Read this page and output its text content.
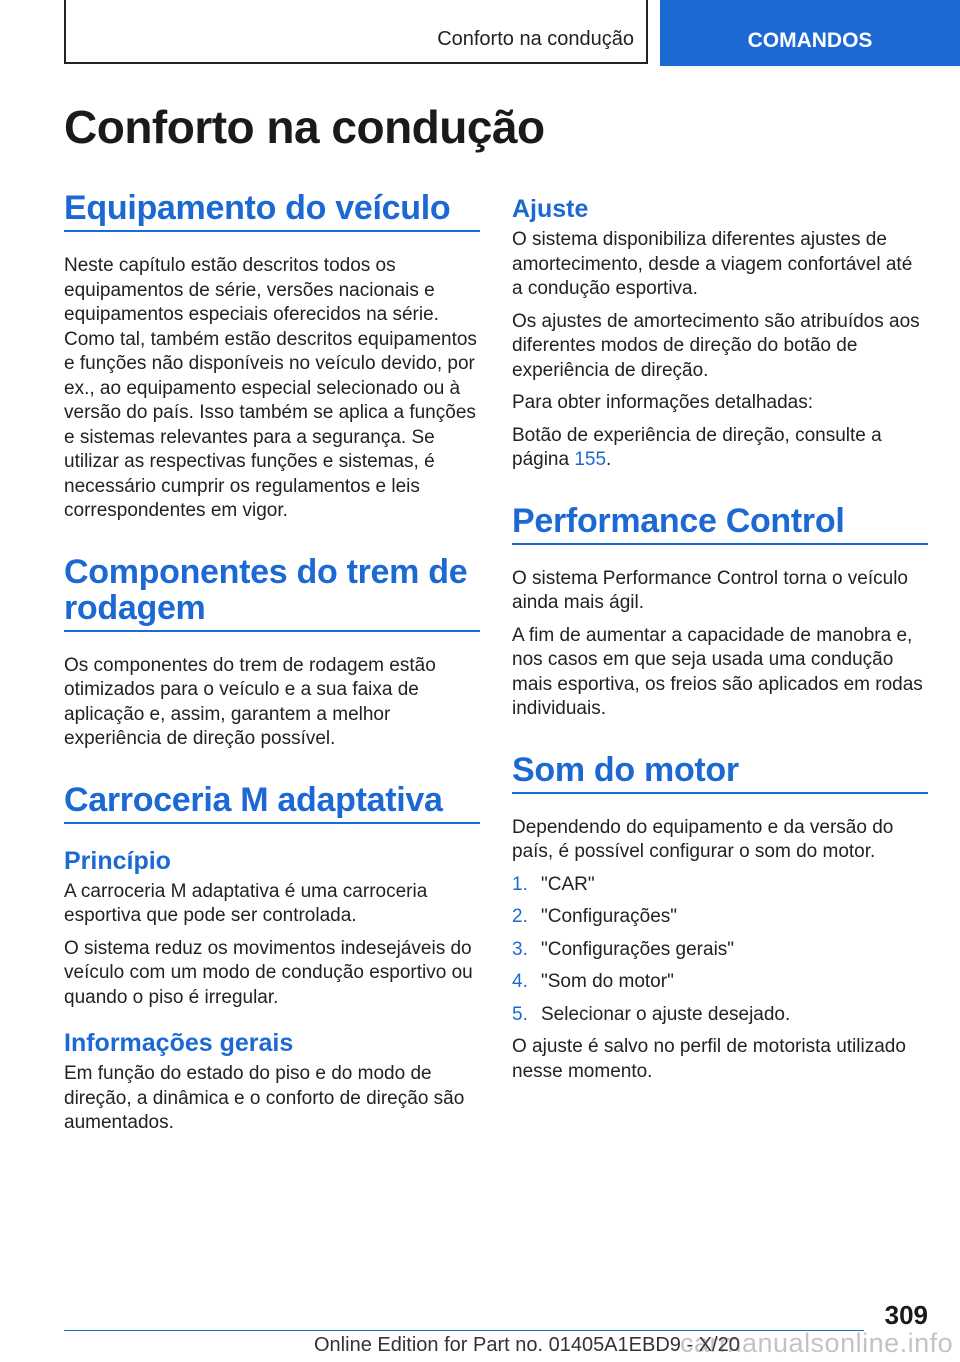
Conforto na condução	COMANDOS
Conforto na condução
Equipamento do veículo

Neste capítulo estão descritos todos os equipamentos de série, versões nacionais e equipamentos especiais oferecidos na série. Como tal, também estão descritos equipamentos e funções não disponíveis no veículo devido, por ex., ao equipamento especial selecionado ou à versão do país. Isso também se aplica a funções e sistemas relevantes para a segurança. Se utilizar as respectivas funções e sistemas, é necessário cumprir os regulamentos e leis correspondentes em vigor.

Componentes do trem de rodagem

Os componentes do trem de rodagem estão otimizados para o veículo e a sua faixa de aplicação e, assim, garantem a melhor experiência de direção possível.

Carroceria M adaptativa
Princípio

A carroceria M adaptativa é uma carroceria esportiva que pode ser controlada.

O sistema reduz os movimentos indesejáveis do veículo com um modo de condução esportivo ou quando o piso é irregular.

Informações gerais

Em função do estado do piso e do modo de direção, a dinâmica e o conforto de direção são aumentados.

Ajuste

O sistema disponibiliza diferentes ajustes de amortecimento, desde a viagem confortável até a condução esportiva.

Os ajustes de amortecimento são atribuídos aos diferentes modos de direção do botão de experiência de direção.

Para obter informações detalhadas:

Botão de experiência de direção, consulte a página 155.

Performance Control

O sistema Performance Control torna o veículo ainda mais ágil.

A fim de aumentar a capacidade de manobra e, nos casos em que seja usada uma condução mais esportiva, os freios são aplicados em rodas individuais.

Som do motor

Dependendo do equipamento e da versão do país, é possível configurar o som do motor.

1. "CAR"
2. "Configurações"
3. "Configurações gerais"
4. "Som do motor"
5. Selecionar o ajuste desejado.

O ajuste é salvo no perfil de motorista utilizado nesse momento.

309
Online Edition for Part no. 01405A1EBD9 - X/20
carmanualsonline.info
